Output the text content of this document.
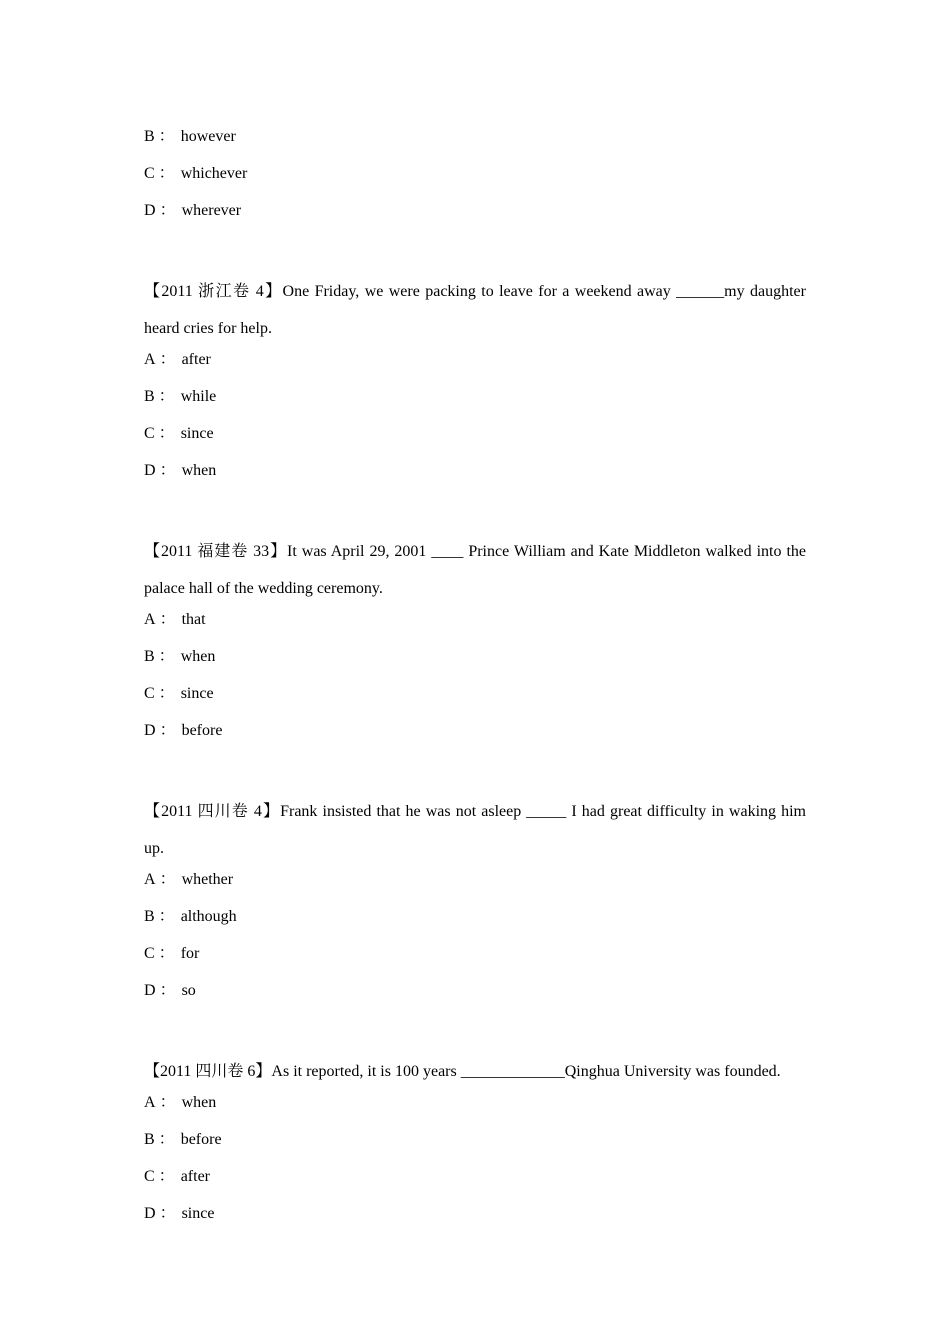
B ： however
C ： whichever
D ： wherever
【2011 浙江卷 4】One Friday, we were packing to leave for a weekend away ______my daughter heard cries for help.
A ： after
B ： while
C ： since
D ： when
【2011 福建卷 33】It was April 29, 2001 ____ Prince William and Kate Middleton walked into the palace hall of the wedding ceremony.
A ： that
B ： when
C ： since
D ： before
【2011 四川卷 4】Frank insisted that he was not asleep _____ I had great difficulty in waking him up.
A ： whether
B ： although
C ： for
D ： so
【2011 四川卷 6】As it reported, it is 100 years _____________Qinghua University was founded.
A ： when
B ： before
C ： after
D ： since
